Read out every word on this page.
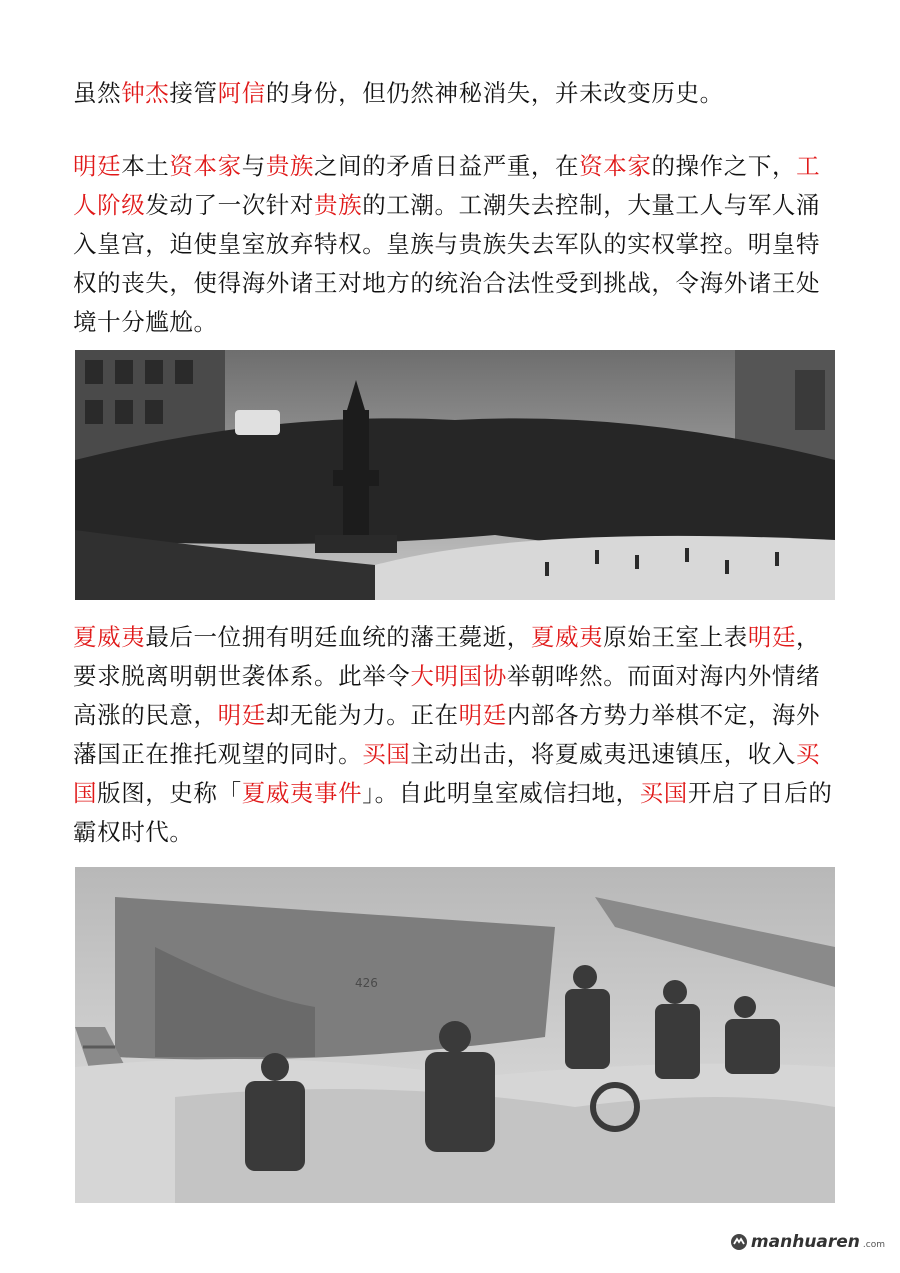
虽然钟杰接管阿信的身份，但仍然神秘消失，并未改变历史。

明廷本土资本家与贵族之间的矛盾日益严重，在资本家的操作之下，工人阶级发动了一次针对贵族的工潮。工潮失去控制，大量工人与军人涌入皇宫，迫使皇室放弃特权。皇族与贵族失去军队的实权掌控。明皇特权的丧失，使得海外诸王对地方的统治合法性受到挑战，令海外诸王处境十分尴尬。

夏威夷最后一位拥有明廷血统的藩王薨逝，夏威夷原始王室上表明廷，要求脱离明朝世袭体系。此举令大明国协举朝哗然。而面对海内外情绪高涨的民意，明廷却无能为力。正在明廷内部各方势力举棋不定，海外藩国正在推托观望的同时。买国主动出击，将夏威夷迅速镇压，收入买国版图，史称「夏威夷事件」。自此明皇室威信扫地，买国开启了日后的霸权时代。

426
manhuaren .com
